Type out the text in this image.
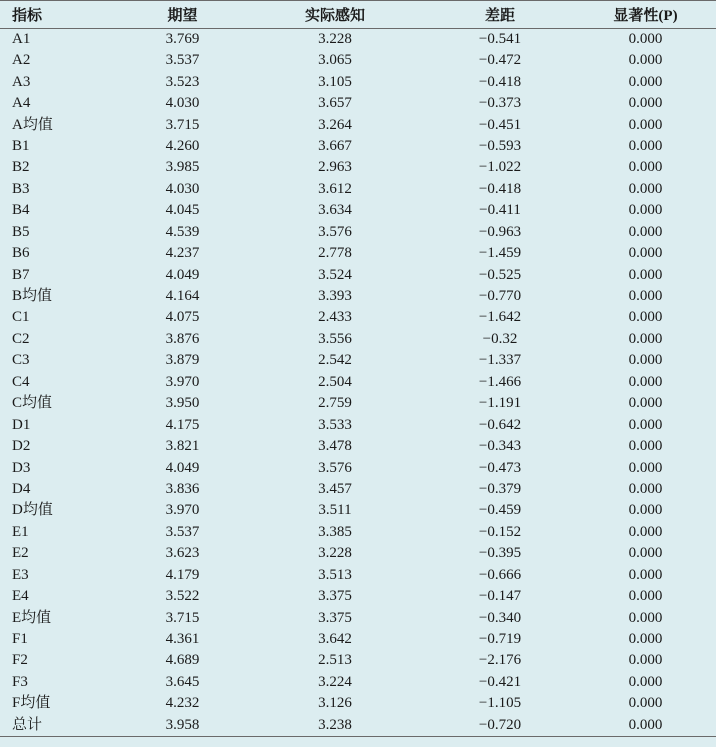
指标	期望	实际感知	差距	显著性(P)
A1	3.769	3.228	−0.541	0.000
A2	3.537	3.065	−0.472	0.000
A3	3.523	3.105	−0.418	0.000
A4	4.030	3.657	−0.373	0.000
A均值	3.715	3.264	−0.451	0.000
B1	4.260	3.667	−0.593	0.000
B2	3.985	2.963	−1.022	0.000
B3	4.030	3.612	−0.418	0.000
B4	4.045	3.634	−0.411	0.000
B5	4.539	3.576	−0.963	0.000
B6	4.237	2.778	−1.459	0.000
B7	4.049	3.524	−0.525	0.000
B均值	4.164	3.393	−0.770	0.000
C1	4.075	2.433	−1.642	0.000
C2	3.876	3.556	−0.32	0.000
C3	3.879	2.542	−1.337	0.000
C4	3.970	2.504	−1.466	0.000
C均值	3.950	2.759	−1.191	0.000
D1	4.175	3.533	−0.642	0.000
D2	3.821	3.478	−0.343	0.000
D3	4.049	3.576	−0.473	0.000
D4	3.836	3.457	−0.379	0.000
D均值	3.970	3.511	−0.459	0.000
E1	3.537	3.385	−0.152	0.000
E2	3.623	3.228	−0.395	0.000
E3	4.179	3.513	−0.666	0.000
E4	3.522	3.375	−0.147	0.000
E均值	3.715	3.375	−0.340	0.000
F1	4.361	3.642	−0.719	0.000
F2	4.689	2.513	−2.176	0.000
F3	3.645	3.224	−0.421	0.000
F均值	4.232	3.126	−1.105	0.000
总计	3.958	3.238	−0.720	0.000
